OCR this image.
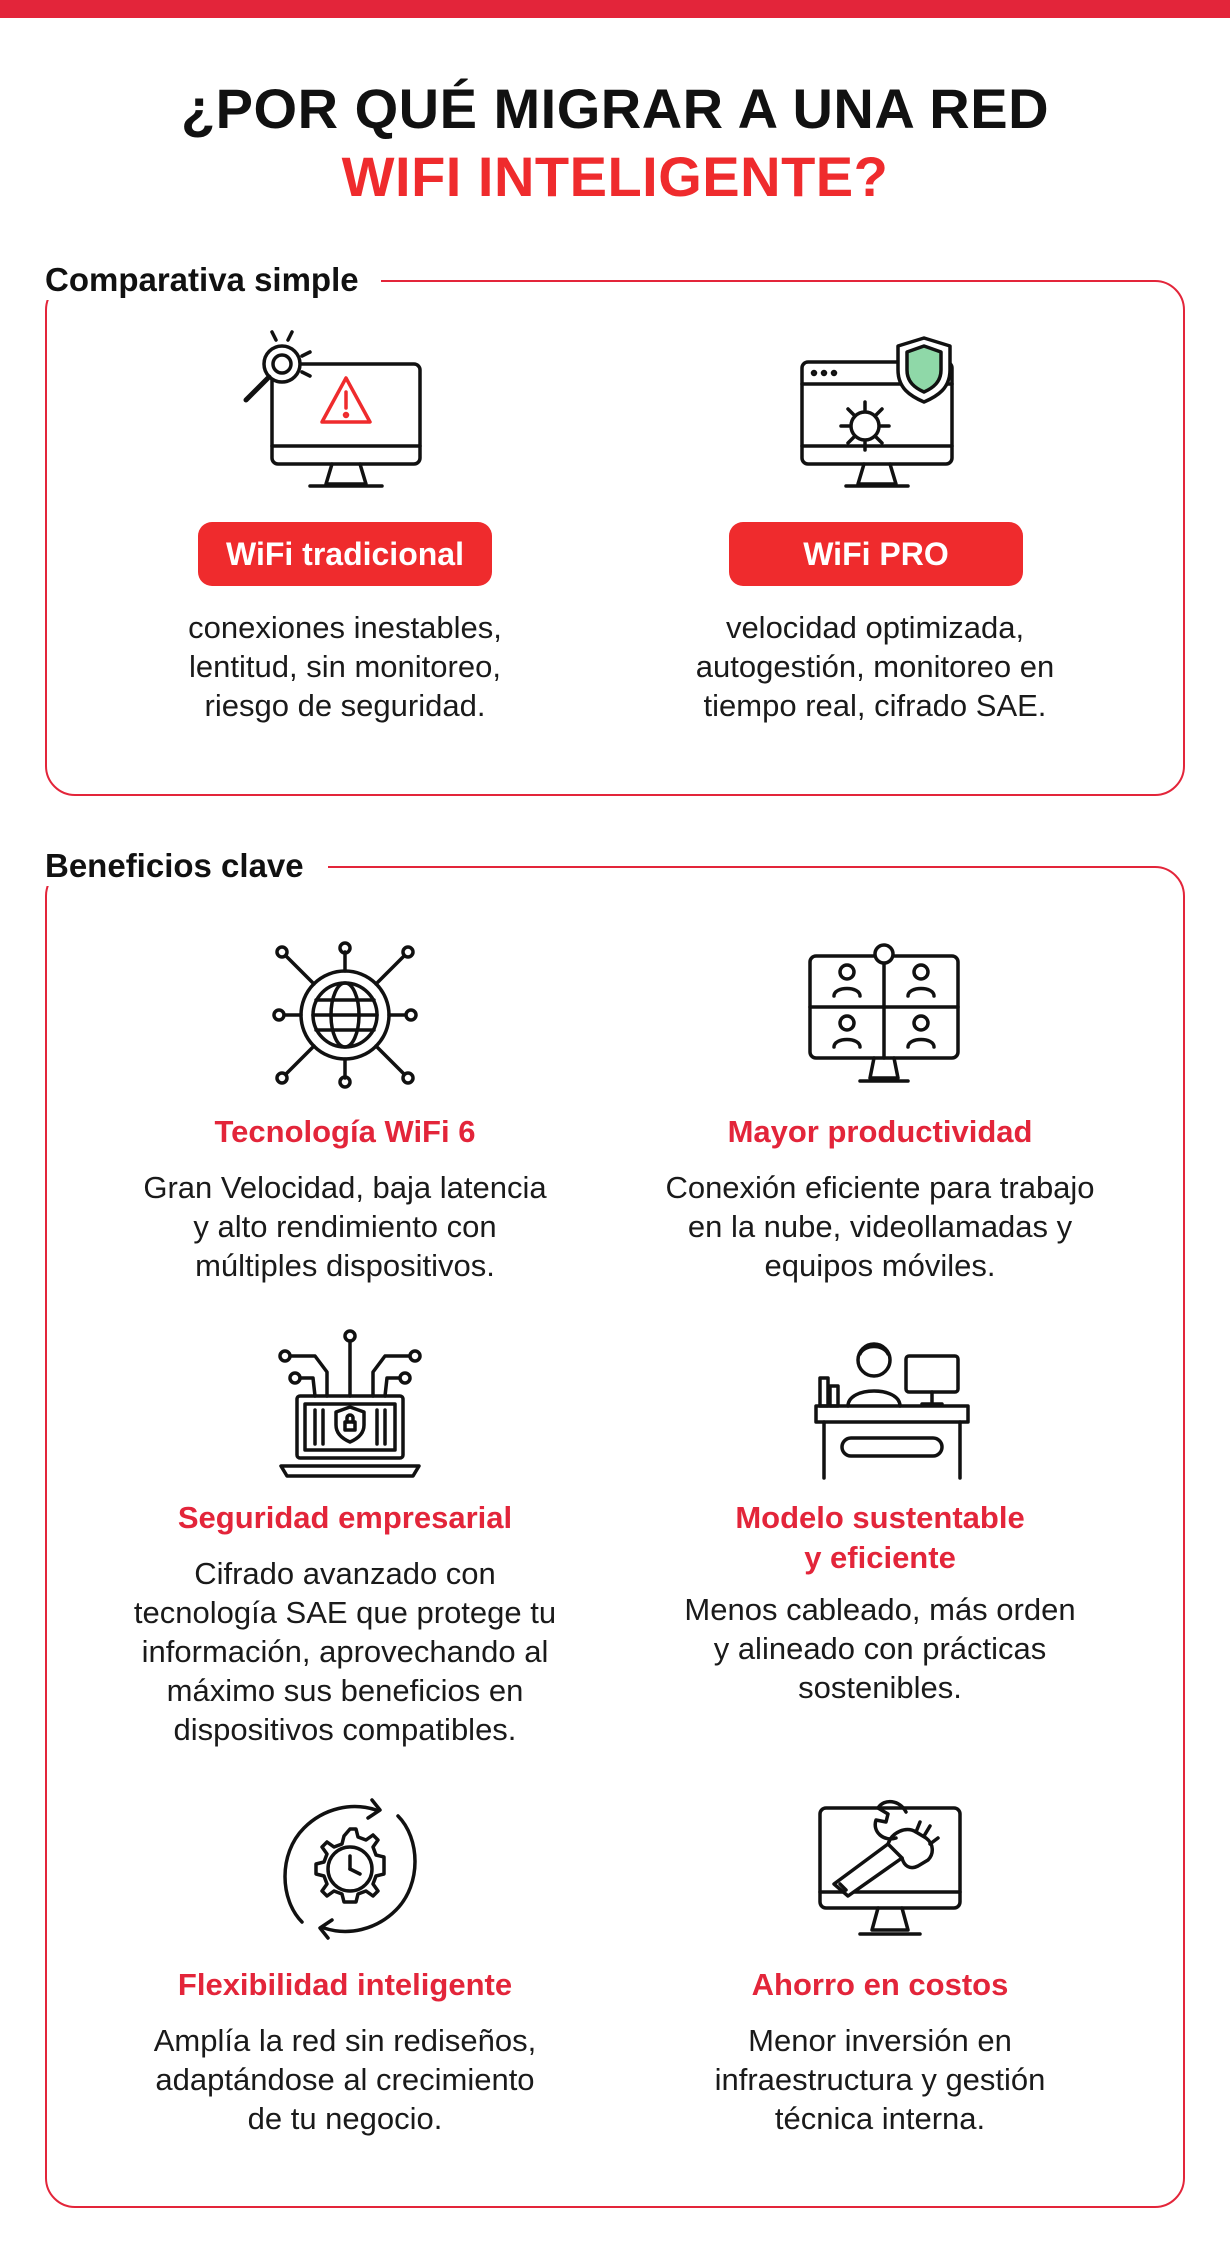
¿POR QUÉ MIGRAR A UNA RED
WIFI INTELIGENTE?
Comparativa simple
WiFi tradicional
conexiones inestables,
lentitud, sin monitoreo,
riesgo de seguridad.
WiFi PRO
velocidad optimizada,
autogestión, monitoreo en
tiempo real, cifrado SAE.
Beneficios clave
Tecnología WiFi 6
Gran Velocidad, baja latencia
y alto rendimiento con
múltiples dispositivos.
Mayor productividad
Conexión eficiente para trabajo
en la nube, videollamadas y
equipos móviles.
Seguridad empresarial
Cifrado avanzado con
tecnología SAE que protege tu
información, aprovechando al
máximo sus beneficios en
dispositivos compatibles.
Modelo sustentable
y eficiente
Menos cableado, más orden
y alineado con prácticas
sostenibles.
Flexibilidad inteligente
Amplía la red sin rediseños,
adaptándose al crecimiento
de tu negocio.
Ahorro en costos
Menor inversión en
infraestructura y gestión
técnica interna.
